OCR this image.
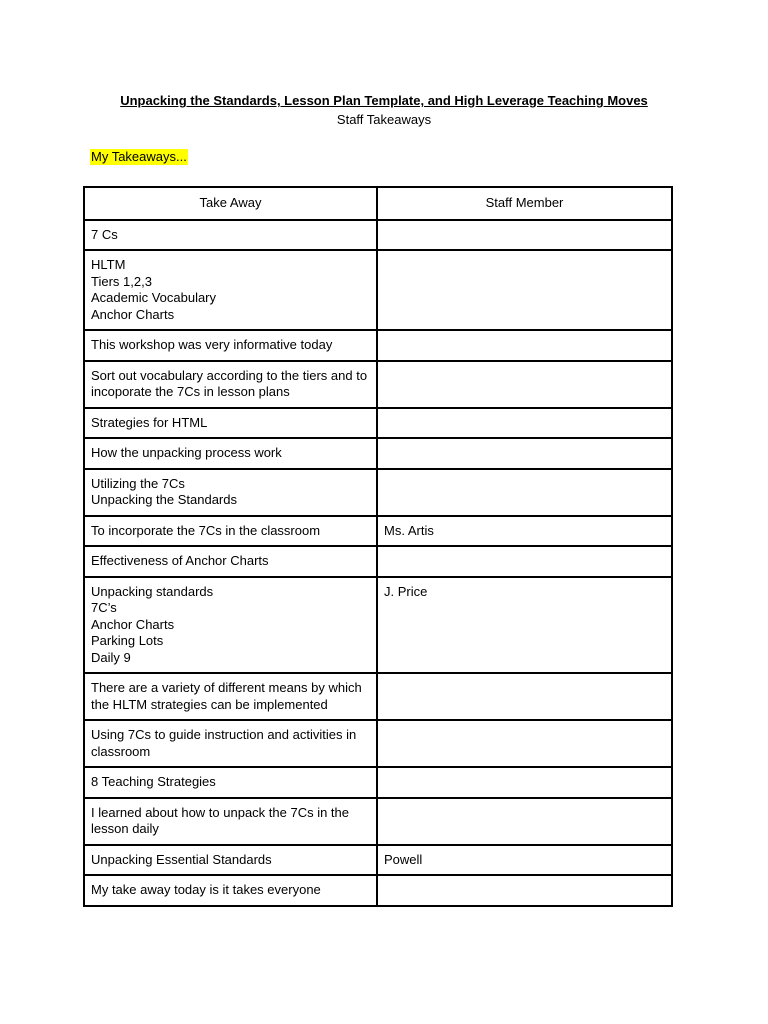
Unpacking the Standards, Lesson Plan Template, and High Leverage Teaching Moves
Staff Takeaways
My Takeaways...
Take Away	Staff Member

7 Cs	

HLTM
Tiers 1,2,3
Academic Vocabulary
Anchor Charts	

This workshop was very informative today	

Sort out vocabulary according to the tiers and to incoporate the 7Cs in lesson plans	

Strategies for HTML	

How the unpacking process work	

Utilizing the 7Cs
Unpacking the Standards	

To incorporate the 7Cs in the classroom	Ms. Artis

Effectiveness of Anchor Charts	

Unpacking standards
7C’s
Anchor Charts
Parking Lots
Daily 9	J. Price

There are a variety of different means by which the HLTM strategies can be implemented	

Using 7Cs to guide instruction and activities in classroom	

8 Teaching Strategies	

I learned about how to unpack the 7Cs in the lesson daily	

Unpacking Essential Standards	Powell

My take away today is it takes everyone	
